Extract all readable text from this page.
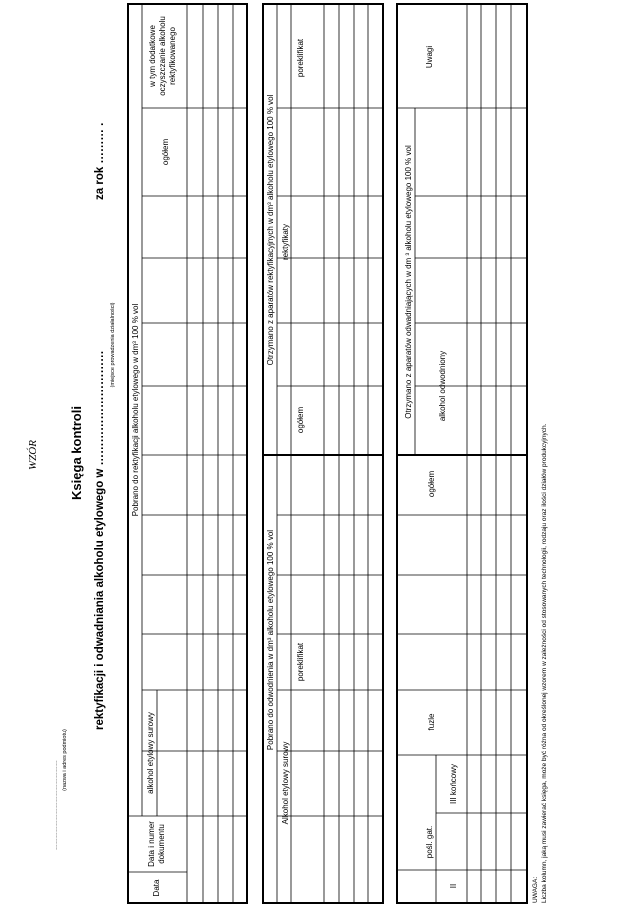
WZÓR Księga kontroli rektyfikacji i odwadniania alkoholu etylowego w …………………………
za rok ……… .
(miejsce prowadzenia działalności)
……………………………………… (nazwa i adres podmiotu)
Data
Data i numer dokumentu
Pobrano do rektyfikacji alkoholu etylowego w dm³ 100 % vol
alkohol etylowy surowy
ogółem
w tym dodatkowe oczyszczanie alkoholu rektyfikowanego
Pobrano do odwodnienia w dm³ alkoholu etylowego 100 % vol
Alkohol etylowy surowy
poreklifikat
Otrzymano z aparatów rektyfikacyjnych w dm³ alkoholu etylowego 100 % vol
ogółem
rektyfikaty
poreklifikat
pośl. gat.
II
III końcowy
fuzle
ogółem
Otrzymano z aparatów odwadniających w dm ³ alkoholu etylowego 100 % vol	alkohol odwodniony
Uwagi
UWAGA: Liczba kolumn, jaką musi zawierać księga, może być różna od określonej wzorem w zależności od stosowanych technologii, rodzaju oraz ilości działów produkcyjnych.
